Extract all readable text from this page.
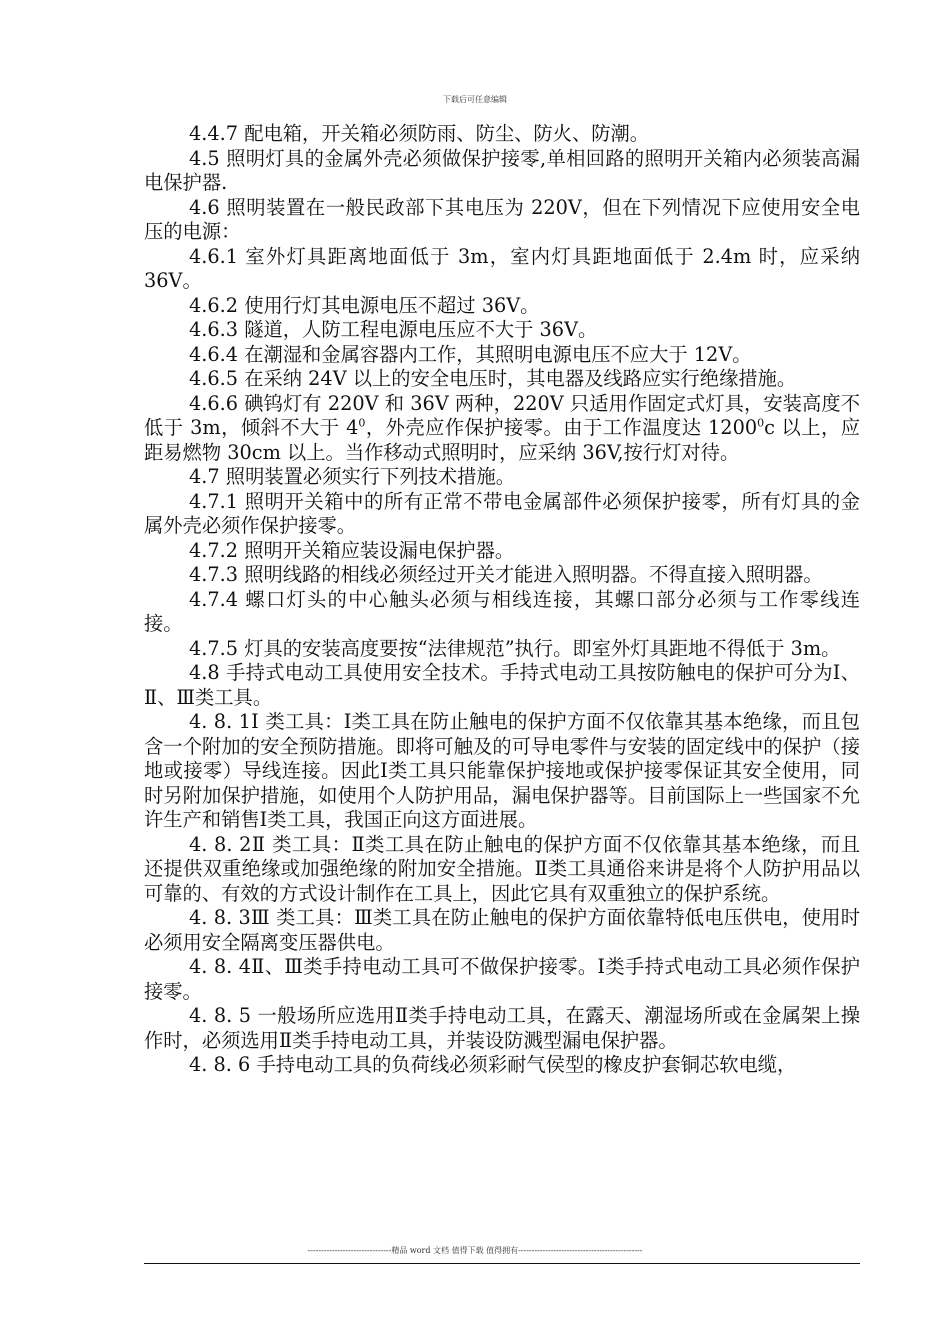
下载后可任意编辑

4.4.7 配电箱，开关箱必须防雨、防尘、防火、防潮。

4.5 照明灯具的金属外壳必须做保护接零,单相回路的照明开关箱内必须装高漏电保护器.

4.6 照明装置在一般民政部下其电压为 220V，但在下列情况下应使用安全电压的电源：

4.6.1 室外灯具距离地面低于 3m，室内灯具距地面低于 2.4m 时，应采纳 36V。

4.6.2 使用行灯其电源电压不超过 36V。

4.6.3 隧道，人防工程电源电压应不大于 36V。

4.6.4 在潮湿和金属容器内工作，其照明电源电压不应大于 12V。

4.6.5 在采纳 24V 以上的安全电压时，其电器及线路应实行绝缘措施。

4.6.6 碘钨灯有 220V 和 36V 两种，220V 只适用作固定式灯具，安装高度不低于 3m，倾斜不大于 $4^0$，外壳应作保护接零。由于工作温度达 1200$^0$c 以上，应距易燃物 30cm 以上。当作移动式照明时，应采纳 36V,按行灯对待。

4.7 照明装置必须实行下列技术措施。

4.7.1 照明开关箱中的所有正常不带电金属部件必须保护接零，所有灯具的金属外壳必须作保护接零。

4.7.2 照明开关箱应装设漏电保护器。

4.7.3 照明线路的相线必须经过开关才能进入照明器。不得直接入照明器。

4.7.4 螺口灯头的中心触头必须与相线连接，其螺口部分必须与工作零线连接。

4.7.5 灯具的安装高度要按“法律规范”执行。即室外灯具距地不得低于 3m。

4.8 手持式电动工具使用安全技术。手持式电动工具按防触电的保护可分为Ⅰ、Ⅱ、Ⅲ类工具。

4. 8. 1Ⅰ 类工具：Ⅰ类工具在防止触电的保护方面不仅依靠其基本绝缘，而且包含一个附加的安全预防措施。即将可触及的可导电零件与安装的固定线中的保护（接地或接零）导线连接。因此Ⅰ类工具只能靠保护接地或保护接零保证其安全使用，同时另附加保护措施，如使用个人防护用品，漏电保护器等。目前国际上一些国家不允许生产和销售Ⅰ类工具，我国正向这方面进展。

4. 8. 2Ⅱ 类工具：Ⅱ类工具在防止触电的保护方面不仅依靠其基本绝缘，而且还提供双重绝缘或加强绝缘的附加安全措施。Ⅱ类工具通俗来讲是将个人防护用品以可靠的、有效的方式设计制作在工具上，因此它具有双重独立的保护系统。

4. 8. 3Ⅲ 类工具：Ⅲ类工具在防止触电的保护方面依靠特低电压供电，使用时必须用安全隔离变压器供电。

4. 8. 4Ⅱ、Ⅲ类手持电动工具可不做保护接零。Ⅰ类手持式电动工具必须作保护接零。

4. 8. 5 一般场所应选用Ⅱ类手持电动工具，在露天、潮湿场所或在金属架上操作时，必须选用Ⅱ类手持电动工具，并装设防溅型漏电保护器。

4. 8. 6 手持电动工具的负荷线必须彩耐气侯型的橡皮护套铜芯软电缆，

-------------------------------精品 word 文档 值得下载 值得拥有----------------------------------------------
